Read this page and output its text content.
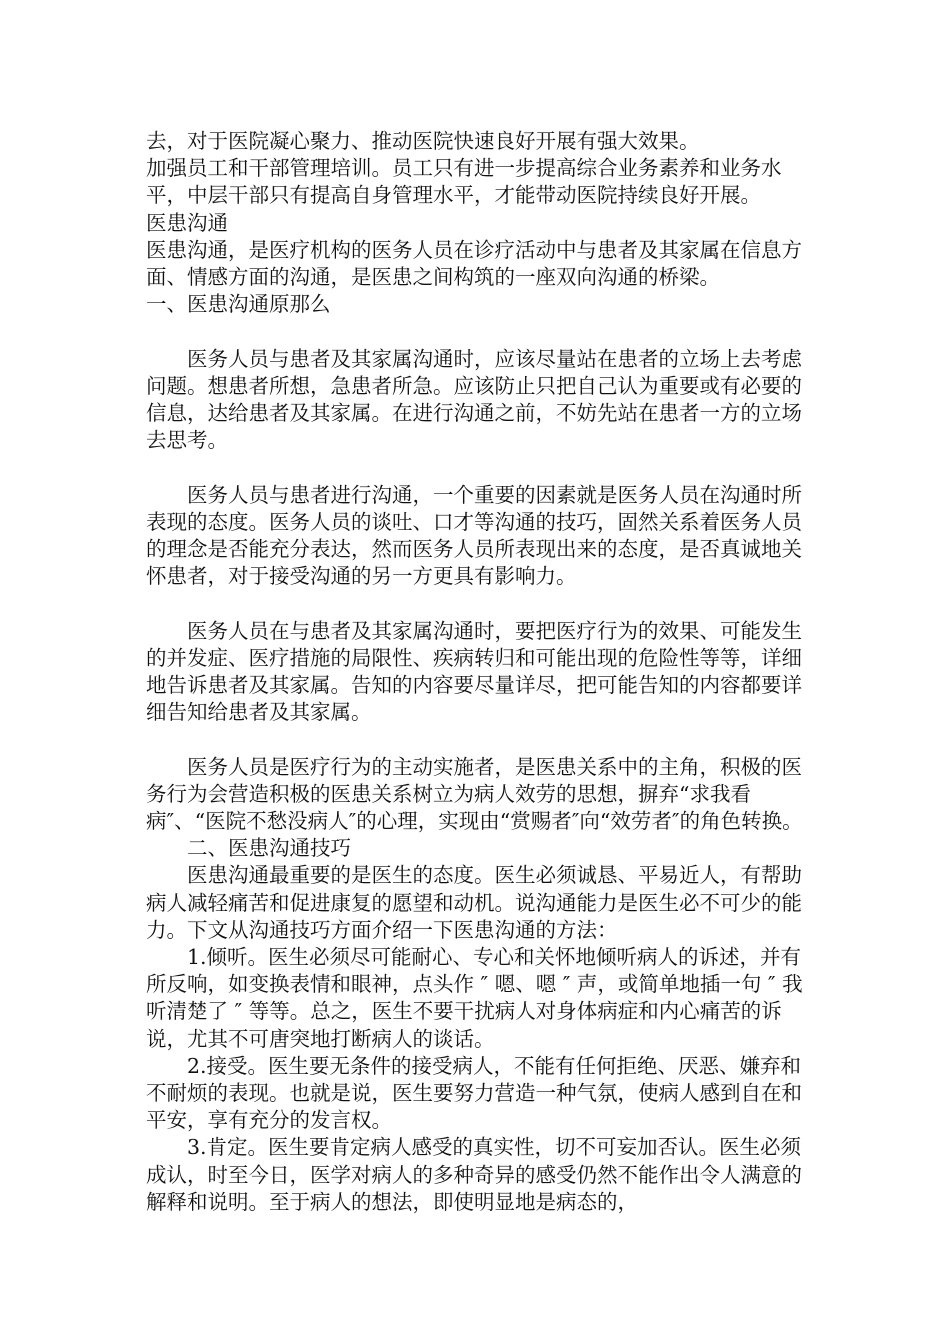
去，对于医院凝心聚力、推动医院快速良好开展有强大效果。

加强员工和干部管理培训。员工只有进一步提高综合业务素养和业务水平，中层干部只有提高自身管理水平，才能带动医院持续良好开展。

医患沟通

医患沟通，是医疗机构的医务人员在诊疗活动中与患者及其家属在信息方面、情感方面的沟通，是医患之间构筑的一座双向沟通的桥梁。

一、医患沟通原那么

医务人员与患者及其家属沟通时，应该尽量站在患者的立场上去考虑问题。想患者所想，急患者所急。应该防止只把自己认为重要或有必要的信息，达给患者及其家属。在进行沟通之前，不妨先站在患者一方的立场去思考。

医务人员与患者进行沟通，一个重要的因素就是医务人员在沟通时所表现的态度。医务人员的谈吐、口才等沟通的技巧，固然关系着医务人员的理念是否能充分表达，然而医务人员所表现出来的态度，是否真诚地关怀患者，对于接受沟通的另一方更具有影响力。

医务人员在与患者及其家属沟通时，要把医疗行为的效果、可能发生的并发症、医疗措施的局限性、疾病转归和可能出现的危险性等等，详细地告诉患者及其家属。告知的内容要尽量详尽，把可能告知的内容都要详细告知给患者及其家属。

医务人员是医疗行为的主动实施者，是医患关系中的主角，积极的医务行为会营造积极的医患关系树立为病人效劳的思想，摒弃“求我看病″、“医院不愁没病人″的心理，实现由“赏赐者″向“效劳者″的角色转换。

二、医患沟通技巧

医患沟通最重要的是医生的态度。医生必须诚恳、平易近人，有帮助病人减轻痛苦和促进康复的愿望和动机。说沟通能力是医生必不可少的能力。下文从沟通技巧方面介绍一下医患沟通的方法：

1.倾听。医生必须尽可能耐心、专心和关怀地倾听病人的诉述，并有所反响，如变换表情和眼神，点头作 ″ 嗯、嗯 ″ 声，或简单地插一句 ″ 我听清楚了 ″ 等等。总之，医生不要干扰病人对身体病症和内心痛苦的诉说，尤其不可唐突地打断病人的谈话。

2.接受。医生要无条件的接受病人，不能有任何拒绝、厌恶、嫌弃和不耐烦的表现。也就是说，医生要努力营造一种气氛，使病人感到自在和平安，享有充分的发言权。

3.肯定。医生要肯定病人感受的真实性，切不可妄加否认。医生必须成认，时至今日，医学对病人的多种奇异的感受仍然不能作出令人满意的解释和说明。至于病人的想法，即使明显地是病态的，
